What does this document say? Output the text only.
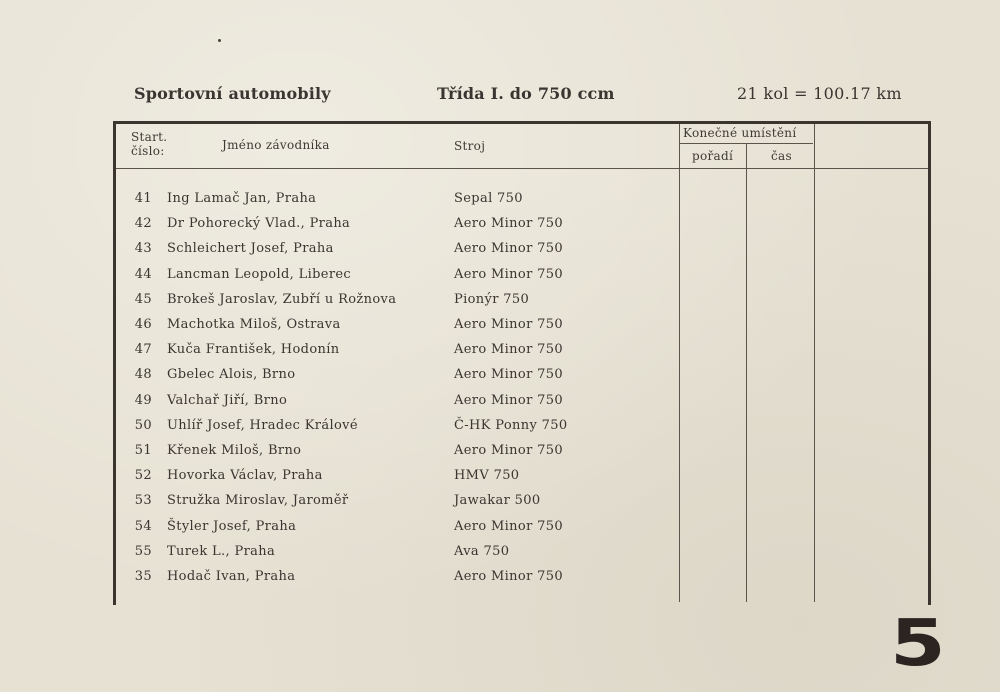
Sportovní automobily	Třída I. do 750 ccm	21 kol = 100.17 km
Start.
číslo:	Jméno závodníka	Stroj
Konečné umístění
pořadí	čas
41 Ing Lamač Jan, Praha	Sepal 750
42 Dr Pohorecký Vlad., Praha	Aero Minor 750
43 Schleichert Josef, Praha	Aero Minor 750
44 Lancman Leopold, Liberec	Aero Minor 750
45 Brokeš Jaroslav, Zubří u Rožnova	Pionýr 750
46 Machotka Miloš, Ostrava	Aero Minor 750
47 Kuča František, Hodonín	Aero Minor 750
48 Gbelec Alois, Brno	Aero Minor 750
49 Valchař Jiří, Brno	Aero Minor 750
50 Uhlíř Josef, Hradec Králové	Č-HK Ponny 750
51 Křenek Miloš, Brno	Aero Minor 750
52 Hovorka Václav, Praha	HMV 750
53 Stružka Miroslav, Jaroměř	Jawakar 500
54 Štyler Josef, Praha	Aero Minor 750
55 Turek L., Praha	Ava 750
35 Hodač Ivan, Praha	Aero Minor 750
5
